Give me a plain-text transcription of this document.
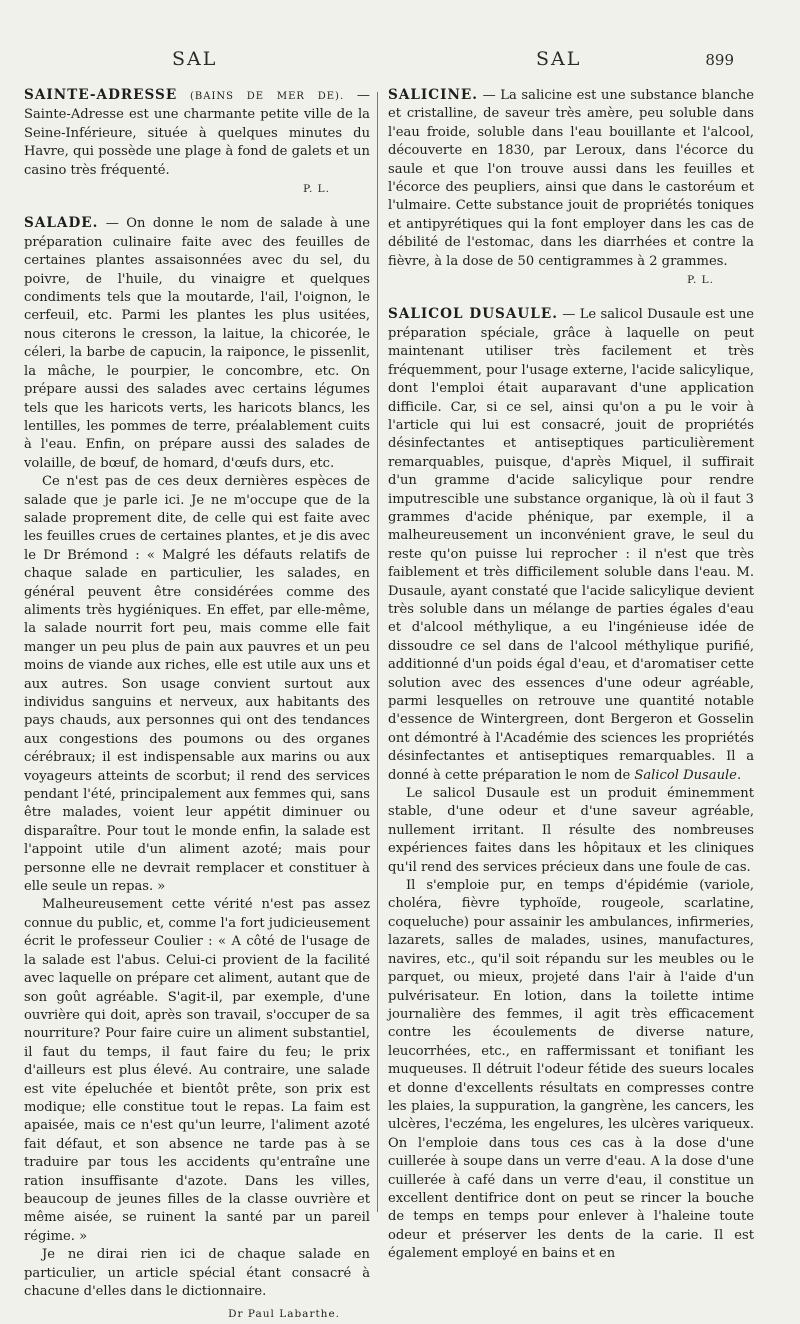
SAL	SAL	899

SAINTE-ADRESSE (BAINS DE MER DE). — Sainte-Adresse est une charmante petite ville de la Seine-Inférieure, située à quelques minutes du Havre, qui possède une plage à fond de galets et un casino très fréquenté.

P. L.

SALADE. — On donne le nom de salade à une préparation culinaire faite avec des feuilles de certaines plantes assaisonnées avec du sel, du poivre, de l'huile, du vinaigre et quelques condiments tels que la moutarde, l'ail, l'oignon, le cerfeuil, etc. Parmi les plantes les plus usitées, nous citerons le cresson, la laitue, la chicorée, le céleri, la barbe de capucin, la raiponce, le pissenlit, la mâche, le pourpier, le concombre, etc. On prépare aussi des salades avec certains légumes tels que les haricots verts, les haricots blancs, les lentilles, les pommes de terre, préalablement cuits à l'eau. Enfin, on prépare aussi des salades de volaille, de bœuf, de homard, d'œufs durs, etc.

Ce n'est pas de ces deux dernières espèces de salade que je parle ici. Je ne m'occupe que de la salade proprement dite, de celle qui est faite avec les feuilles crues de certaines plantes, et je dis avec le Dr Brémond : « Malgré les défauts relatifs de chaque salade en particulier, les salades, en général peuvent être considérées comme des aliments très hygiéniques. En effet, par elle-même, la salade nourrit fort peu, mais comme elle fait manger un peu plus de pain aux pauvres et un peu moins de viande aux riches, elle est utile aux uns et aux autres. Son usage convient surtout aux individus sanguins et nerveux, aux habitants des pays chauds, aux personnes qui ont des tendances aux congestions des poumons ou des organes cérébraux; il est indispensable aux marins ou aux voyageurs atteints de scorbut; il rend des services pendant l'été, principalement aux femmes qui, sans être malades, voient leur appétit diminuer ou disparaître. Pour tout le monde enfin, la salade est l'appoint utile d'un aliment azoté; mais pour personne elle ne devrait remplacer et constituer à elle seule un repas. »

Malheureusement cette vérité n'est pas assez connue du public, et, comme l'a fort judicieusement écrit le professeur Coulier : « A côté de l'usage de la salade est l'abus. Celui-ci provient de la facilité avec laquelle on prépare cet aliment, autant que de son goût agréable. S'agit-il, par exemple, d'une ouvrière qui doit, après son travail, s'occuper de sa nourriture? Pour faire cuire un aliment substantiel, il faut du temps, il faut faire du feu; le prix d'ailleurs est plus élevé. Au contraire, une salade est vite épeluchée et bientôt prête, son prix est modique; elle constitue tout le repas. La faim est apaisée, mais ce n'est qu'un leurre, l'aliment azoté fait défaut, et son absence ne tarde pas à se traduire par tous les accidents qu'entraîne une ration insuffisante d'azote. Dans les villes, beaucoup de jeunes filles de la classe ouvrière et même aisée, se ruinent la santé par un pareil régime. »

Je ne dirai rien ici de chaque salade en particulier, un article spécial étant consacré à chacune d'elles dans le dictionnaire.

Dr Paul Labarthe.

SALICINE. — La salicine est une substance blanche et cristalline, de saveur très amère, peu soluble dans l'eau froide, soluble dans l'eau bouillante et l'alcool, découverte en 1830, par Leroux, dans l'écorce du saule et que l'on trouve aussi dans les feuilles et l'écorce des peupliers, ainsi que dans le castoréum et l'ulmaire. Cette substance jouit de propriétés toniques et antipyrétiques qui la font employer dans les cas de débilité de l'estomac, dans les diarrhées et contre la fièvre, à la dose de 50 centigrammes à 2 grammes.

P. L.

SALICOL DUSAULE. — Le salicol Dusaule est une préparation spéciale, grâce à laquelle on peut maintenant utiliser très facilement et très fréquemment, pour l'usage externe, l'acide salicylique, dont l'emploi était auparavant d'une application difficile. Car, si ce sel, ainsi qu'on a pu le voir à l'article qui lui est consacré, jouit de propriétés désinfectantes et antiseptiques particulièrement remarquables, puisque, d'après Miquel, il suffirait d'un gramme d'acide salicylique pour rendre imputrescible une substance organique, là où il faut 3 grammes d'acide phénique, par exemple, il a malheureusement un inconvénient grave, le seul du reste qu'on puisse lui reprocher : il n'est que très faiblement et très difficilement soluble dans l'eau. M. Dusaule, ayant constaté que l'acide salicylique devient très soluble dans un mélange de parties égales d'eau et d'alcool méthylique, a eu l'ingénieuse idée de dissoudre ce sel dans de l'alcool méthylique purifié, additionné d'un poids égal d'eau, et d'aromatiser cette solution avec des essences d'une odeur agréable, parmi lesquelles on retrouve une quantité notable d'essence de Wintergreen, dont Bergeron et Gosselin ont démontré à l'Académie des sciences les propriétés désinfectantes et antiseptiques remarquables. Il a donné à cette préparation le nom de Salicol Dusaule.

Le salicol Dusaule est un produit éminemment stable, d'une odeur et d'une saveur agréable, nullement irritant. Il résulte des nombreuses expériences faites dans les hôpitaux et les cliniques qu'il rend des services précieux dans une foule de cas.

Il s'emploie pur, en temps d'épidémie (variole, choléra, fièvre typhoïde, rougeole, scarlatine, coqueluche) pour assainir les ambulances, infirmeries, lazarets, salles de malades, usines, manufactures, navires, etc., qu'il soit répandu sur les meubles ou le parquet, ou mieux, projeté dans l'air à l'aide d'un pulvérisateur. En lotion, dans la toilette intime journalière des femmes, il agit très efficacement contre les écoulements de diverse nature, leucorrhées, etc., en raffermissant et tonifiant les muqueuses. Il détruit l'odeur fétide des sueurs locales et donne d'excellents résultats en compresses contre les plaies, la suppuration, la gangrène, les cancers, les ulcères, l'eczéma, les engelures, les ulcères variqueux. On l'emploie dans tous ces cas à la dose d'une cuillerée à soupe dans un verre d'eau. A la dose d'une cuillerée à café dans un verre d'eau, il constitue un excellent dentifrice dont on peut se rincer la bouche de temps en temps pour enlever à l'haleine toute odeur et préserver les dents de la carie. Il est également employé en bains et en
